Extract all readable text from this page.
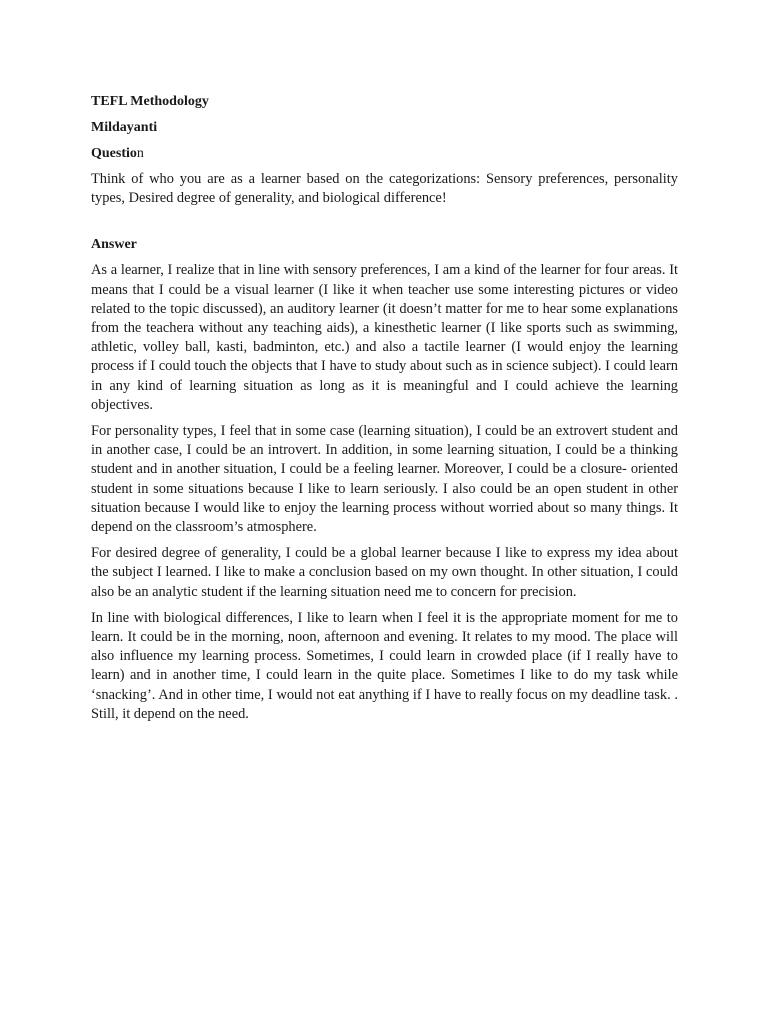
TEFL Methodology

Mildayanti

Question

Think of who you are as a learner based on the categorizations: Sensory preferences, personality types, Desired degree of generality, and biological difference!

Answer

As a learner, I realize that in line with sensory preferences, I am a kind of the learner for four areas. It means that I could be a visual learner (I like it when teacher use some interesting pictures or video related to the topic discussed), an auditory learner (it doesn’t matter for me to hear some explanations from the teachera without any teaching aids), a kinesthetic learner (I like sports such as swimming, athletic, volley ball, kasti, badminton, etc.) and also a tactile learner (I would enjoy the learning process if I could touch the objects that I have to study about such as in science subject). I could learn in any kind of learning situation as long as it is meaningful and I could achieve the learning objectives.

For personality types, I feel that in some case (learning situation), I could be an extrovert student and in another case, I could be an introvert. In addition, in some learning situation, I could be a thinking student and in another situation, I could be a feeling learner. Moreover, I could be a closure- oriented student in some situations because I like to learn seriously. I also could be an open student in other situation because I would like to enjoy the learning process without worried about so many things. It depend on the classroom’s atmosphere.

For desired degree of generality, I could be a global learner because I like to express my idea about the subject I learned. I like to make a conclusion based on my own thought. In other situation, I could also be an analytic student if the learning situation need me to concern for precision.

In line with biological differences, I like to learn when I feel it is the appropriate moment for me to learn. It could be in the morning, noon, afternoon and evening. It relates to my mood. The place will also influence my learning process. Sometimes, I could learn in crowded place (if I really have to learn) and in another time, I could learn in the quite place. Sometimes I like to do my task while ‘snacking’. And in other time, I would not eat anything if I have to really focus on my deadline task. . Still, it depend on the need.
